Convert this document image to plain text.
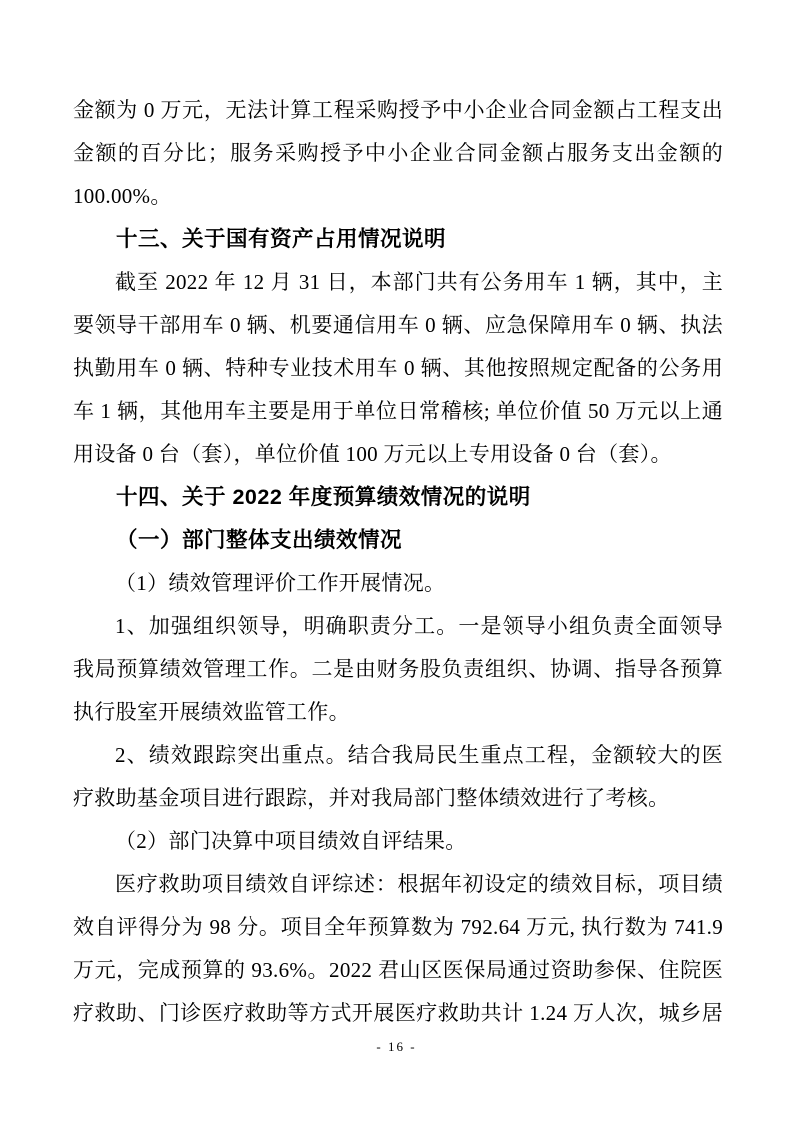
金额为 0 万元，无法计算工程采购授予中小企业合同金额占工程支出
金额的百分比；服务采购授予中小企业合同金额占服务支出金额的
100.00%。
十三、关于国有资产占用情况说明
截至 2022 年 12 月 31 日，本部门共有公务用车 1 辆，其中，主
要领导干部用车 0 辆、机要通信用车 0 辆、应急保障用车 0 辆、执法
执勤用车 0 辆、特种专业技术用车 0 辆、其他按照规定配备的公务用
车 1 辆，其他用车主要是用于单位日常稽核; 单位价值 50 万元以上通
用设备 0 台（套），单位价值 100 万元以上专用设备 0 台（套）。
十四、关于 2022 年度预算绩效情况的说明
（一）部门整体支出绩效情况
（1）绩效管理评价工作开展情况。
1、加强组织领导，明确职责分工。一是领导小组负责全面领导
我局预算绩效管理工作。二是由财务股负责组织、协调、指导各预算
执行股室开展绩效监管工作。
2、绩效跟踪突出重点。结合我局民生重点工程，金额较大的医
疗救助基金项目进行跟踪，并对我局部门整体绩效进行了考核。
（2）部门决算中项目绩效自评结果。
医疗救助项目绩效自评综述：根据年初设定的绩效目标，项目绩
效自评得分为 98 分。项目全年预算数为 792.64 万元, 执行数为 741.9
万元，完成预算的 93.6%。2022 君山区医保局通过资助参保、住院医
疗救助、门诊医疗救助等方式开展医疗救助共计 1.24 万人次，城乡居
- 16 -
